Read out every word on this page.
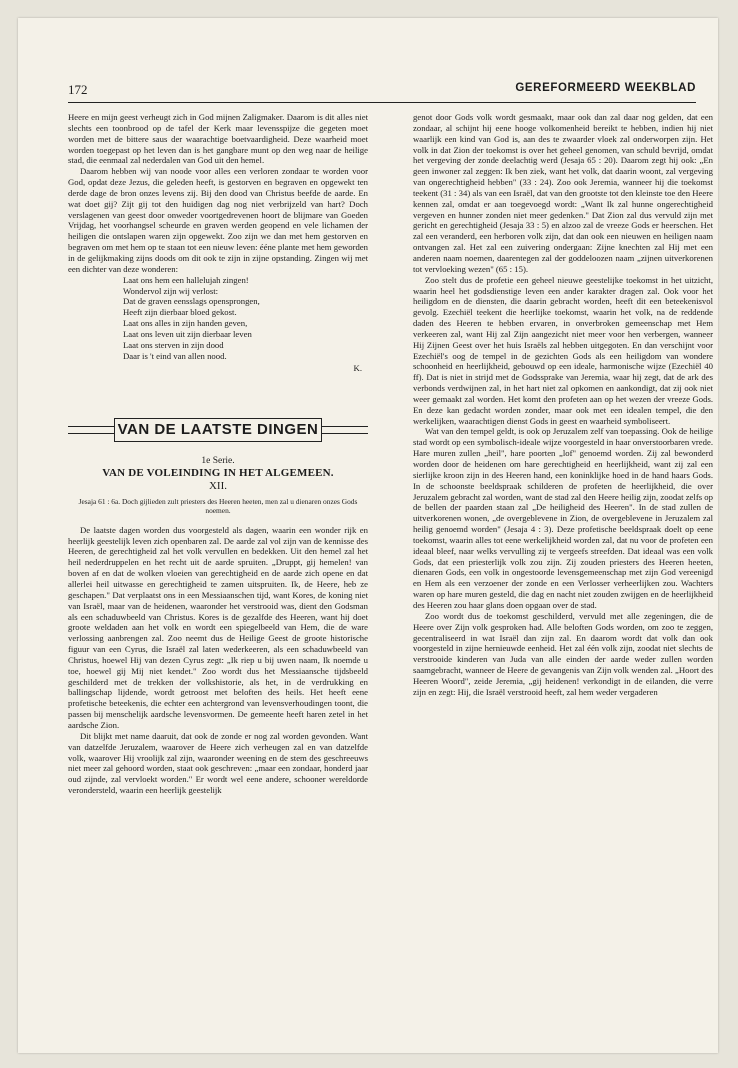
172	GEREFORMEERD WEEKBLAD

Heere en mijn geest verheugt zich in God mijnen Zaligmaker. Daarom is dit alles niet slechts een toonbrood op de tafel der Kerk maar levensspijze die gegeten moet worden met de bittere saus der waarachtige boetvaardigheid. Deze waarheid moet worden toegepast op het leven dan is het gangbare munt op den weg naar de heilige stad, die eenmaal zal nederdalen van God uit den hemel.

Daarom hebben wij van noode voor alles een verloren zondaar te worden voor God, opdat deze Jezus, die geleden heeft, is gestorven en begraven en opgewekt ten derde dage de bron onzes levens zij. Bij den dood van Christus beefde de aarde. En wat doet gij? Zijt gij tot den huidigen dag nog niet verbrijzeld van hart? Doch verslagenen van geest door onweder voortgedrevenen hoort de blijmare van Goeden Vrijdag, het voorhangsel scheurde en graven werden geopend en vele lichamen der heiligen die ontslapen waren zijn opgewekt. Zoo zijn we dan met hem gestorven en begraven om met hem op te staan tot een nieuw leven: ééne plante met hem geworden in de gelijkmaking zijns doods om dit ook te zijn in zijne opstanding. Zingen wij met een dichter van deze wonderen:

Laat ons hem een hallelujah zingen!
Wondervol zijn wij verlost:
Dat de graven eensslags opensprongen,
Heeft zijn dierbaar bloed gekost.
Laat ons alles in zijn handen geven,
Laat ons leven uit zijn dierbaar leven
Laat ons sterven in zijn dood
Daar is 't eind van allen nood.
K.
VAN DE LAATSTE DINGEN
1e Serie.
VAN DE VOLEINDING IN HET ALGEMEEN.
XII.
Jesaja 61 : 6a. Doch gijlieden zult priesters des Heeren heeten, men zal u dienaren onzes Gods noemen.

De laatste dagen worden dus voorgesteld als dagen, waarin een wonder rijk en heerlijk geestelijk leven zich openbaren zal. De aarde zal vol zijn van de kennisse des Heeren, de gerechtigheid zal het volk vervullen en bedekken. Uit den hemel zal het heil nederdruppelen en het recht uit de aarde spruiten. „Druppt, gij hemelen! van boven af en dat de wolken vloeien van gerechtigheid en de aarde zich opene en dat allerlei heil uitwasse en gerechtigheid te zamen uitspruiten. Ik, de Heere, heb ze geschapen." Dat verplaatst ons in een Messiaanschen tijd, want Kores, de koning niet van Israël, maar van de heidenen, waaronder het verstrooid was, dient den Godsman als een schaduwbeeld van Christus. Kores is de gezalfde des Heeren, want hij doet groote weldaden aan het volk en wordt een spiegelbeeld van Hem, die de ware verlossing aanbrengen zal. Zoo neemt dus de Heilige Geest de groote historische figuur van een Cyrus, die Israël zal laten wederkeeren, als een schaduwbeeld van Christus, hoewel Hij van dezen Cyrus zegt: „Ik riep u bij uwen naam, Ik noemde u toe, hoewel gij Mij niet kendet." Zoo wordt dus het Messiaansche tijdsbeeld geschilderd met de trekken der volkshistorie, als het, in de verdrukking en ballingschap lijdende, wordt getroost met beloften des heils. Het heeft eene profetische beteekenis, die echter een achtergrond van levensverhoudingen toont, die passen bij menschelijk aardsche levensvormen. De gemeente heeft haren zetel in het aardsche Zion.

Dit blijkt met name daaruit, dat ook de zonde er nog zal worden gevonden. Want van datzelfde Jeruzalem, waarover de Heere zich verheugen zal en van datzelfde volk, waarover Hij vroolijk zal zijn, waaronder weening en de stem des geschreeuws niet meer zal gehoord worden, staat ook geschreven: „maar een zondaar, honderd jaar oud zijnde, zal vervloekt worden." Er wordt wel eene andere, schooner wereldorde verondersteld, waarin een heerlijk geestelijk

genot door Gods volk wordt gesmaakt, maar ook dan zal daar nog gelden, dat een zondaar, al schijnt hij eene hooge volkomenheid bereikt te hebben, indien hij niet waarlijk een kind van God is, aan des te zwaarder vloek zal onderworpen zijn. Het volk in dat Zion der toekomst is over het geheel genomen, van schuld bevrijd, omdat het vergeving der zonde deelachtig werd (Jesaja 65 : 20). Daarom zegt hij ook: „En geen inwoner zal zeggen: Ik ben ziek, want het volk, dat daarin woont, zal vergeving van ongerechtigheid hebben" (33 : 24). Zoo ook Jeremia, wanneer hij die toekomst teekent (31 : 34) als van een Israël, dat van den grootste tot den kleinste toe den Heere kennen zal, omdat er aan toegevoegd wordt: „Want Ik zal hunne ongerechtigheid vergeven en hunner zonden niet meer gedenken." Dat Zion zal dus vervuld zijn met gericht en gerechtigheid (Jesaja 33 : 5) en alzoo zal de vreeze Gods er heerschen. Het zal een veranderd, een herboren volk zijn, dat dan ook een nieuwen en heiligen naam ontvangen zal. Het zal een zuivering ondergaan: Zijne knechten zal Hij met een anderen naam noemen, daarentegen zal der goddeloozen naam „zijnen uitverkorenen tot vervloeking wezen" (65 : 15).

Zoo stelt dus de profetie een geheel nieuwe geestelijke toekomst in het uitzicht, waarin heel het godsdienstige leven een ander karakter dragen zal. Ook voor het heiligdom en de diensten, die daarin gebracht worden, heeft dit een beteekenisvol gevolg. Ezechiël teekent die heerlijke toekomst, waarin het volk, na de reddende daden des Heeren te hebben ervaren, in onverbroken gemeenschap met Hem verkeeren zal, want Hij zal Zijn aangezicht niet meer voor hen verbergen, wanneer Hij Zijnen Geest over het huis Israëls zal hebben uitgegoten. En dan verschijnt voor Ezechiël's oog de tempel in de gezichten Gods als een heiligdom van wondere schoonheid en heerlijkheid, gebouwd op een ideale, harmonische wijze (Ezechiël 40 ff). Dat is niet in strijd met de Godssprake van Jeremia, waar hij zegt, dat de ark des verbonds verdwijnen zal, in het hart niet zal opkomen en aankondigt, dat zij ook niet weer gemaakt zal worden. Het komt den profeten aan op het wezen der vreeze Gods. En deze kan gedacht worden zonder, maar ook met een idealen tempel, die den werkelijken, waarachtigen dienst Gods in geest en waarheid symboliseert.

Wat van den tempel geldt, is ook op Jeruzalem zelf van toepassing. Ook de heilige stad wordt op een symbolisch-ideale wijze voorgesteld in haar onverstoorbaren vrede. Hare muren zullen „heil", hare poorten „lof" genoemd worden. Zij zal bewonderd worden door de heidenen om hare gerechtigheid en heerlijkheid, want zij zal een sierlijke kroon zijn in des Heeren hand, een koninklijke hoed in de hand haars Gods. In de schoonste beeldspraak schilderen de profeten de heerlijkheid, die over Jeruzalem gebracht zal worden, want de stad zal den Heere heilig zijn, zoodat zelfs op de bellen der paarden staan zal „De heiligheid des Heeren". In de stad zullen de uitverkorenen wonen, „de overgeblevene in Zion, de overgeblevene in Jeruzalem zal heilig genoemd worden" (Jesaja 4 : 3). Deze profetische beeldspraak doelt op eene toekomst, waarin alles tot eene werkelijkheid worden zal, dat nu voor de profeten een ideaal bleef, naar welks vervulling zij te vergeefs streefden. Dat ideaal was een volk Gods, dat een priesterlijk volk zou zijn. Zij zouden priesters des Heeren heeten, dienaren Gods, een volk in ongestoorde levensgemeenschap met zijn God vereenigd en Hem als een verzoener der zonde en een Verlosser verheerlijken zou. Wachters waren op hare muren gesteld, die dag en nacht niet zouden zwijgen en de heerlijkheid des Heeren zou haar glans doen opgaan over de stad.

Zoo wordt dus de toekomst geschilderd, vervuld met alle zegeningen, die de Heere over Zijn volk gesproken had. Alle beloften Gods worden, om zoo te zeggen, gecentraliseerd in wat Israël dan zijn zal. En daarom wordt dat volk dan ook voorgesteld in zijne hernieuwde eenheid. Het zal één volk zijn, zoodat niet slechts de verstrooide kinderen van Juda van alle einden der aarde weder zullen worden saamgebracht, wanneer de Heere de gevangenis van Zijn volk wenden zal. „Hoort des Heeren Woord", zeide Jeremia, „gij heidenen! verkondigt in de eilanden, die verre zijn en zegt: Hij, die Israël verstrooid heeft, zal hem weder vergaderen
